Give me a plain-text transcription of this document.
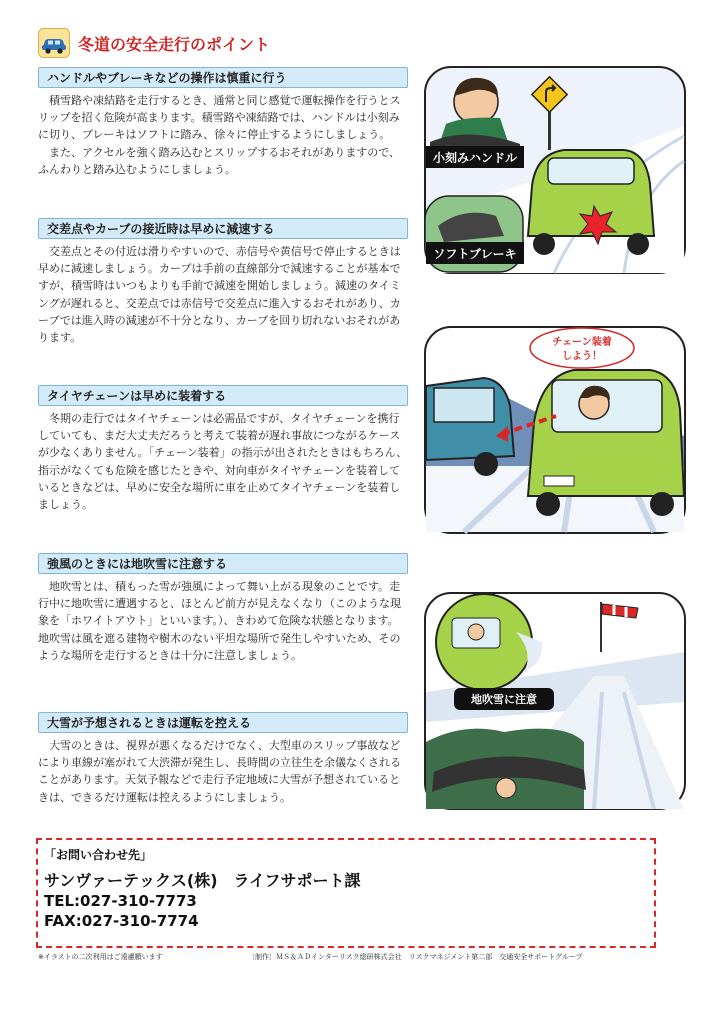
冬道の安全走行のポイント
ハンドルやブレーキなどの操作は慎重に行う

積雪路や凍結路を走行するとき、通常と同じ感覚で運転操作を行うとスリップを招く危険が高まります。積雪路や凍結路では、ハンドルは小刻みに切り、ブレーキはソフトに踏み、徐々に停止するようにしましょう。

また、アクセルを強く踏み込むとスリップするおそれがありますので、ふんわりと踏み込むようにしましょう。

交差点やカーブの接近時は早めに減速する

交差点とその付近は滑りやすいので、赤信号や黄信号で停止するときは早めに減速しましょう。カーブは手前の直線部分で減速することが基本ですが、積雪時はいつもよりも手前で減速を開始しましょう。減速のタイミングが遅れると、交差点では赤信号で交差点に進入するおそれがあり、カーブでは進入時の減速が不十分となり、カーブを回り切れないおそれがあります。

タイヤチェーンは早めに装着する

冬期の走行ではタイヤチェーンは必需品ですが、タイヤチェーンを携行していても、まだ大丈夫だろうと考えて装着が遅れ事故につながるケースが少なくありません。「チェーン装着」の指示が出されたときはもちろん、指示がなくても危険を感じたときや、対向車がタイヤチェーンを装着しているときなどは、早めに安全な場所に車を止めてタイヤチェーンを装着しましょう。

強風のときには地吹雪に注意する

地吹雪とは、積もった雪が強風によって舞い上がる現象のことです。走行中に地吹雪に遭遇すると、ほとんど前方が見えなくなり（このような現象を「ホワイトアウト」といいます。）、きわめて危険な状態となります。地吹雪は風を遮る建物や樹木のない平坦な場所で発生しやすいため、そのような場所を走行するときは十分に注意しましょう。

大雪が予想されるときは運転を控える

大雪のときは、視界が悪くなるだけでなく、大型車のスリップ事故などにより車線が塞がれて大渋滞が発生し、長時間の立往生を余儀なくされることがあります。天気予報などで走行予定地域に大雪が予想されているときは、できるだけ運転は控えるようにしましょう。

小刻みハンドル
ソフトブレーキ
チェーン装着
しよう！
地吹雪に注意
「お問い合わせ先」
サンヴァーテックス(株)　ライフサポート課
TEL:027-310-7773
FAX:027-310-7774
※イラストの二次利用はご遠慮願います	〔制作〕ＭＳ＆ＡＤインターリスク総研株式会社　リスクマネジメント第二部　交通安全サポートグループ
